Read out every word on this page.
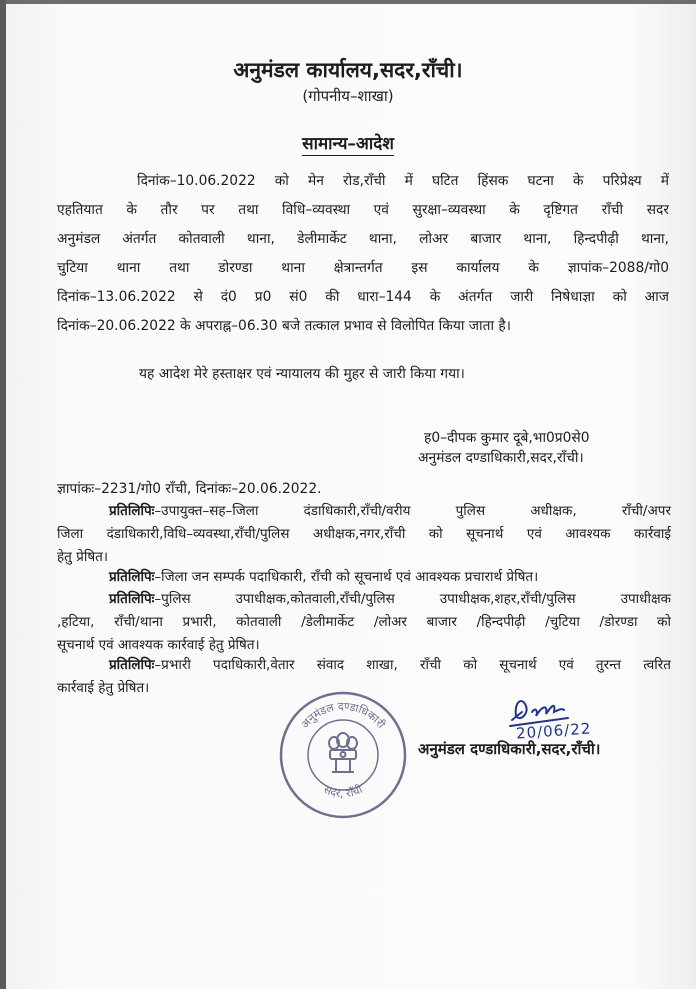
अनुमंडल कार्यालय,सदर,राँची।
(गोपनीय–शाखा)
सामान्य–आदेश
दिनांक–10.06.2022 को मेन रोड,राँची में घटित हिंसक घटना के परिप्रेक्ष्य में
एहतियात के तौर पर तथा विधि–व्यवस्था एवं सुरक्षा–व्यवस्था के दृष्टिगत राँची सदर
अनुमंडल अंतर्गत कोतवाली थाना, डेलीमार्केट थाना, लोअर बाजार थाना, हिन्दपीढ़ी थाना,
चुटिया थाना तथा डोरण्डा थाना क्षेत्रान्तर्गत इस कार्यालय के ज्ञापांक–2088/गो0
दिनांक–13.06.2022 से दं0 प्र0 सं0 की धारा–144 के अंतर्गत जारी निषेधाज्ञा को आज
दिनांक–20.06.2022 के अपराह्न–06.30 बजे तत्काल प्रभाव से विलोपित किया जाता है।
यह आदेश मेरे हस्ताक्षर एवं न्यायालय की मुहर से जारी किया गया।
ह0–दीपक कुमार दूबे,भा0प्र0से0
अनुमंडल दण्डाधिकारी,सदर,राँची।
ज्ञापांकः–2231/गो0 राँची, दिनांकः–20.06.2022.
प्रतिलिपिः–उपायुक्त–सह–जिला दंडाधिकारी,राँची/वरीय पुलिस अधीक्षक, राँची/अपर
जिला दंडाधिकारी,विधि–व्यवस्था,राँची/पुलिस अधीक्षक,नगर,राँची को सूचनार्थ एवं आवश्यक कार्रवाई
हेतु प्रेषित।
प्रतिलिपिः–जिला जन सम्पर्क पदाधिकारी, राँची को सूचनार्थ एवं आवश्यक प्रचारार्थ प्रेषित।
प्रतिलिपिः–पुलिस उपाधीक्षक,कोतवाली,राँची/पुलिस उपाधीक्षक,शहर,राँची/पुलिस उपाधीक्षक
,हटिया, राँची/थाना प्रभारी, कोतवाली /डेलीमार्केट /लोअर बाजार /हिन्दपीढ़ी /चुटिया /डोरण्डा को
सूचनार्थ एवं आवश्यक कार्रवाई हेतु प्रेषित।
प्रतिलिपिः–प्रभारी पदाधिकारी,वेतार संवाद शाखा, राँची को सूचनार्थ एवं तुरन्त त्वरित
कार्रवाई हेतु प्रेषित।
अनुमंडल दण्डाधिकारी
सदर, राँची
20/06/22
अनुमंडल दण्डाधिकारी,सदर,राँची।
